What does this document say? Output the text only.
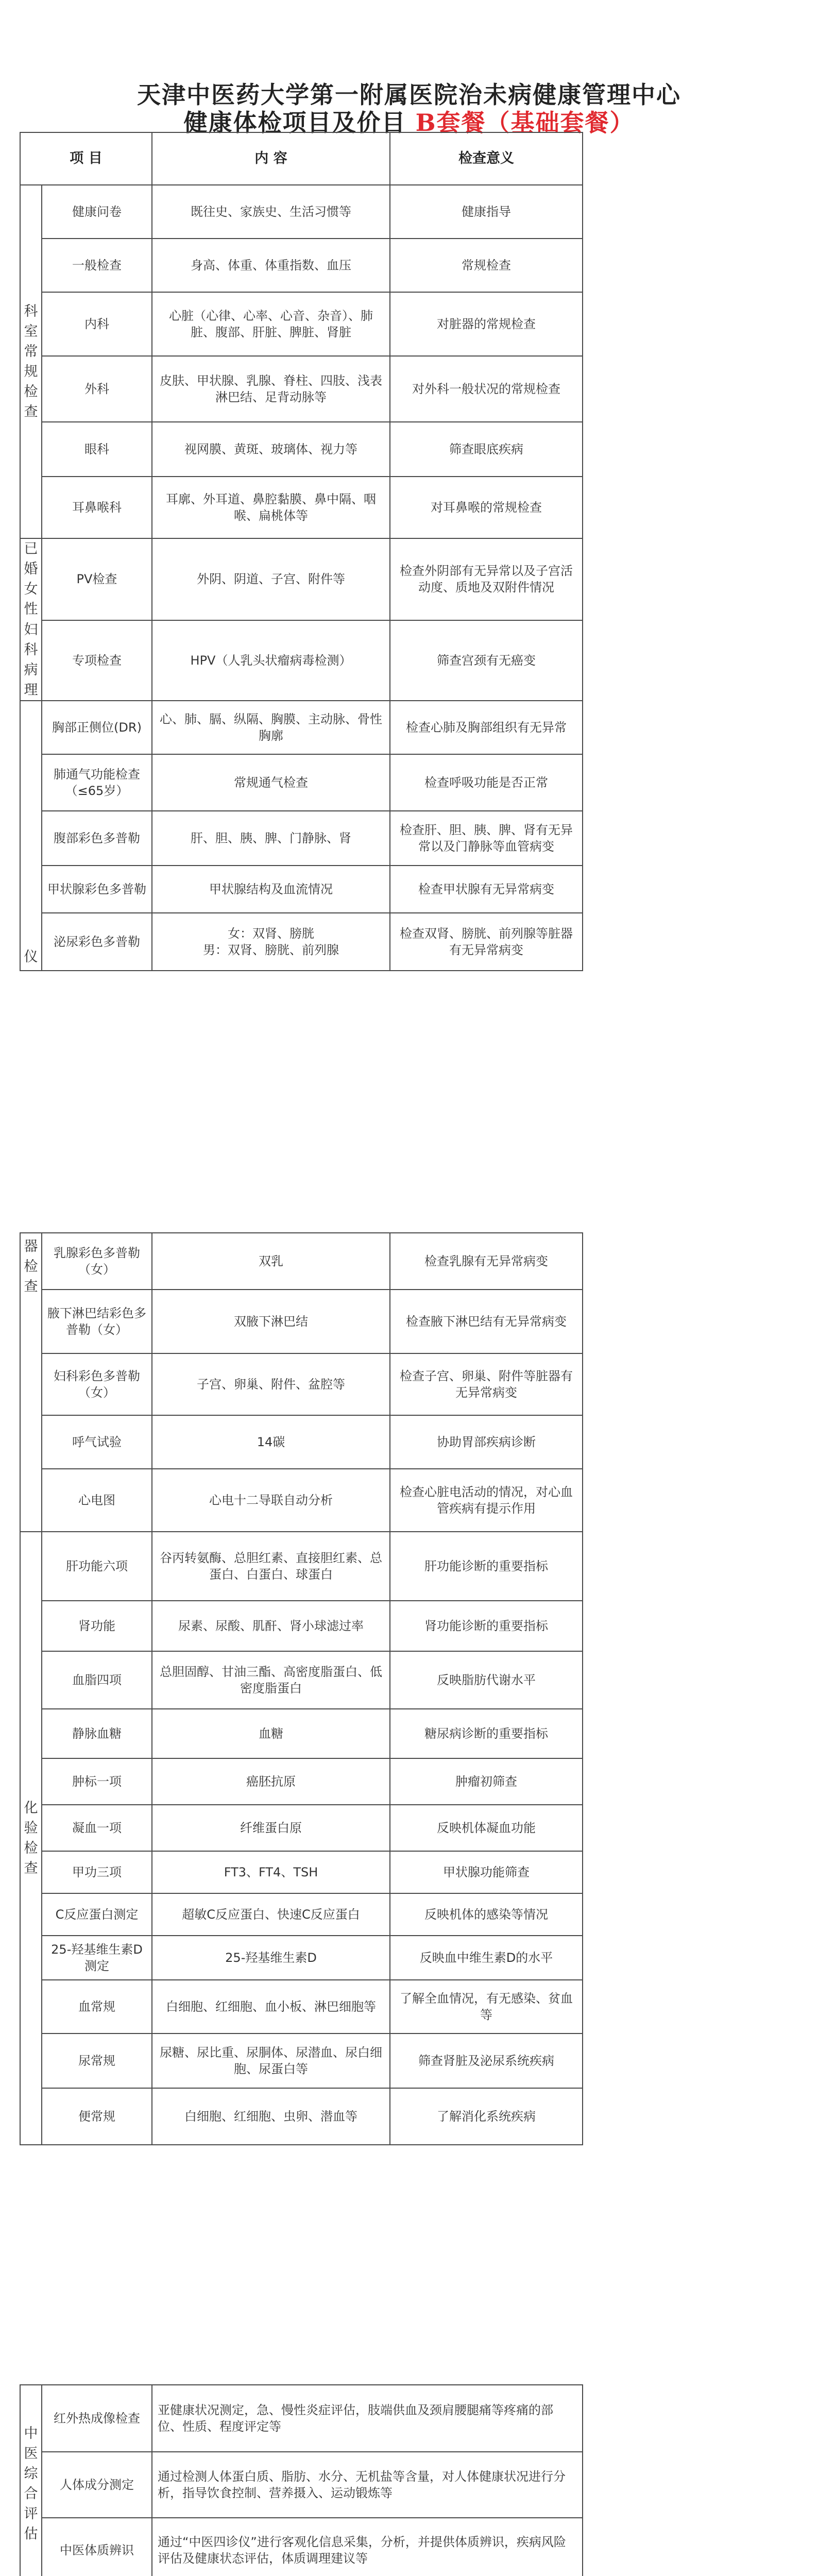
天津中医药大学第一附属医院治未病健康管理中心
健康体检项目及价目 B套餐（基础套餐）
项 目		内 容	检查意义
科室常规检查	健康问卷	既往史、家族史、生活习惯等	健康指导
	一般检查	身高、体重、体重指数、血压	常规检查
	内科	心脏（心律、心率、心音、杂音）、肺脏、腹部、肝脏、脾脏、肾脏	对脏器的常规检查
	外科	皮肤、甲状腺、乳腺、脊柱、四肢、浅表淋巴结、足背动脉等	对外科一般状况的常规检查
	眼科	视网膜、黄斑、玻璃体、视力等	筛查眼底疾病
	耳鼻喉科	耳廓、外耳道、鼻腔黏膜、鼻中隔、咽喉、扁桃体等	对耳鼻喉的常规检查
已婚女性妇科病理	PV检查	外阴、阴道、子宫、附件等	检查外阴部有无异常以及子宫活动度、质地及双附件情况
	专项检查	HPV（人乳头状瘤病毒检测）	筛查宫颈有无癌变
仪	胸部正侧位(DR)	心、肺、膈、纵隔、胸膜、主动脉、骨性胸廓	检查心肺及胸部组织有无异常
	肺通气功能检查（≤65岁）	常规通气检查	检查呼吸功能是否正常
	腹部彩色多普勒	肝、胆、胰、脾、门静脉、肾	检查肝、胆、胰、脾、肾有无异常以及门静脉等血管病变
	甲状腺彩色多普勒	甲状腺结构及血流情况	检查甲状腺有无异常病变
	泌尿彩色多普勒	女：双肾、膀胱
男：双肾、膀胱、前列腺	检查双肾、膀胱、前列腺等脏器有无异常病变
器检查	乳腺彩色多普勒（女）	双乳	检查乳腺有无异常病变
	腋下淋巴结彩色多普勒（女）	双腋下淋巴结	检查腋下淋巴结有无异常病变
	妇科彩色多普勒（女）	子宫、卵巢、附件、盆腔等	检查子宫、卵巢、附件等脏器有无异常病变
	呼气试验	14碳	协助胃部疾病诊断
	心电图	心电十二导联自动分析	检查心脏电活动的情况，对心血管疾病有提示作用
化验检查	肝功能六项	谷丙转氨酶、总胆红素、直接胆红素、总蛋白、白蛋白、球蛋白	肝功能诊断的重要指标
	肾功能	尿素、尿酸、肌酐、肾小球滤过率	肾功能诊断的重要指标
	血脂四项	总胆固醇、甘油三酯、高密度脂蛋白、低密度脂蛋白	反映脂肪代谢水平
	静脉血糖	血糖	糖尿病诊断的重要指标
	肿标一项	癌胚抗原	肿瘤初筛查
	凝血一项	纤维蛋白原	反映机体凝血功能
	甲功三项	FT3、FT4、TSH	甲状腺功能筛查
	C反应蛋白测定	超敏C反应蛋白、快速C反应蛋白	反映机体的感染等情况
	25-羟基维生素D测定	25-羟基维生素D	反映血中维生素D的水平
	血常规	白细胞、红细胞、血小板、淋巴细胞等	了解全血情况，有无感染、贫血等
	尿常规	尿糖、尿比重、尿胴体、尿潜血、尿白细胞、尿蛋白等	筛查肾脏及泌尿系统疾病
	便常规	白细胞、红细胞、虫卵、潜血等	了解消化系统疾病
中医综合评估	红外热成像检查	亚健康状况测定，急、慢性炎症评估，肢端供血及颈肩腰腿痛等疼痛的部位、性质、程度评定等
	人体成分测定	通过检测人体蛋白质、脂肪、水分、无机盐等含量，对人体健康状况进行分析，指导饮食控制、营养摄入、运动锻炼等
	中医体质辨识	通过“中医四诊仪”进行客观化信息采集，分析，并提供体质辨识，疾病风险评估及健康状态评估，体质调理建议等
